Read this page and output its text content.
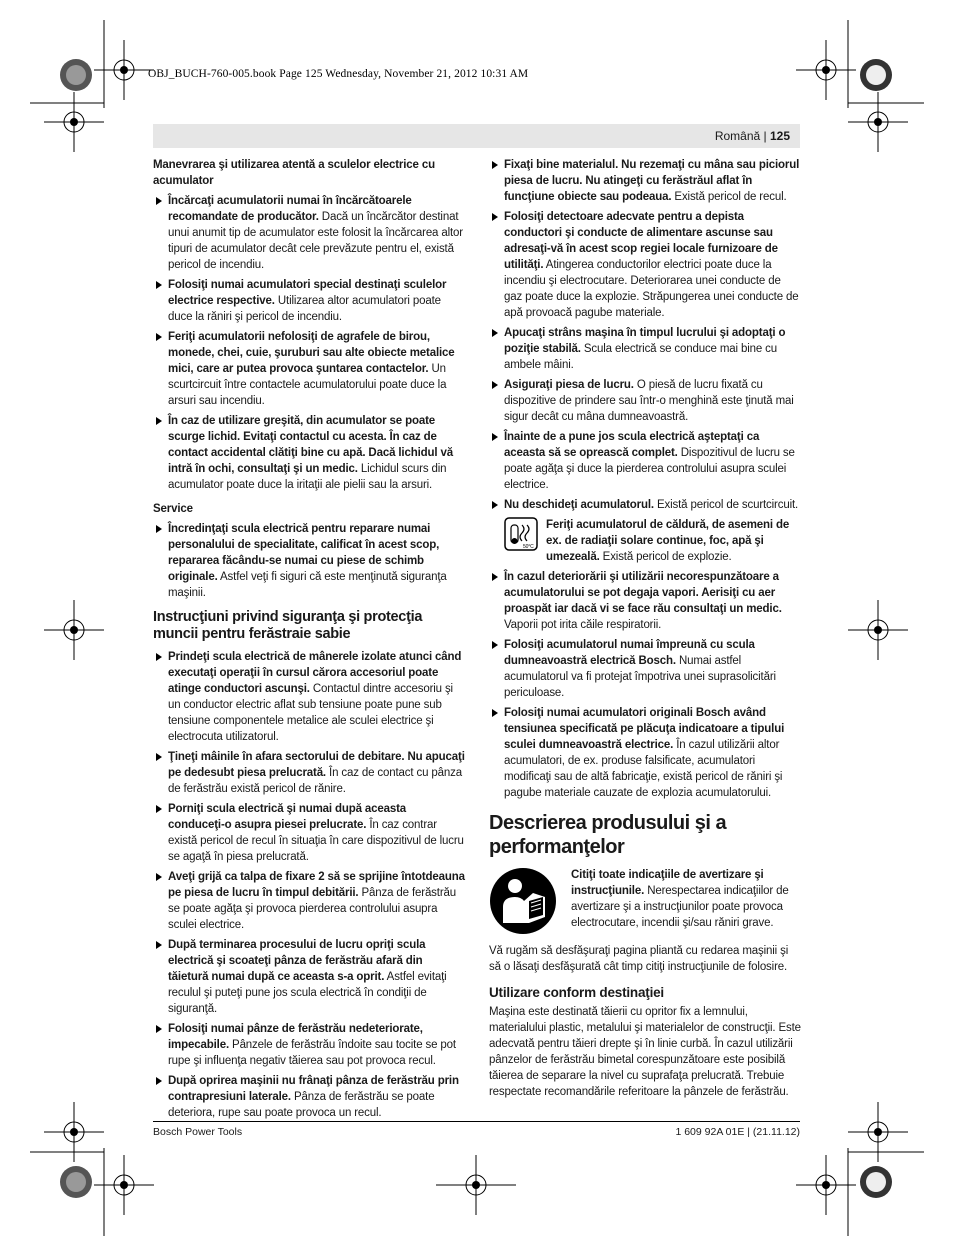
OBJ_BUCH-760-005.book Page 125 Wednesday, November 21, 2012 10:31 AM
Română | 125
Manevrarea şi utilizarea atentă a sculelor electrice cu acumulator
Încărcaţi acumulatorii numai în încărcătoarele recomandate de producător. Dacă un încărcător destinat unui anumit tip de acumulator este folosit la încărcarea altor tipuri de acumulator decât cele prevăzute pentru el, există pericol de incendiu.
Folosiţi numai acumulatori special destinaţi sculelor electrice respective. Utilizarea altor acumulatori poate duce la răniri şi pericol de incendiu.
Feriţi acumulatorii nefolosiţi de agrafele de birou, monede, chei, cuie, şuruburi sau alte obiecte metalice mici, care ar putea provoca şuntarea contactelor. Un scurtcircuit între contactele acumulatorului poate duce la arsuri sau incendiu.
În caz de utilizare greşită, din acumulator se poate scurge lichid. Evitaţi contactul cu acesta. În caz de contact accidental clătiţi bine cu apă. Dacă lichidul vă intră în ochi, consultaţi şi un medic. Lichidul scurs din acumulator poate duce la iritaţii ale pielii sau la arsuri.
Service
Încredinţaţi scula electrică pentru reparare numai personalului de specialitate, calificat în acest scop, repararea făcându-se numai cu piese de schimb originale. Astfel veţi fi siguri că este menţinută siguranţa maşinii.
Instrucţiuni privind siguranţa şi protecţia muncii pentru ferăstraie sabie
Prindeţi scula electrică de mânerele izolate atunci când executaţi operaţii în cursul cărora accesoriul poate atinge conductori ascunşi. Contactul dintre accesoriu şi un conductor electric aflat sub tensiune poate pune sub tensiune componentele metalice ale sculei electrice şi electrocuta utilizatorul.
Ţineţi mâinile în afara sectorului de debitare. Nu apucaţi pe dedesubt piesa prelucrată. În caz de contact cu pânza de ferăstrău există pericol de rănire.
Porniţi scula electrică şi numai după aceasta conduceţi-o asupra piesei prelucrate. În caz contrar există pericol de recul în situaţia în care dispozitivul de lucru se agaţă în piesa prelucrată.
Aveţi grijă ca talpa de fixare 2 să se sprijine întotdeauna pe piesa de lucru în timpul debitării. Pânza de ferăstrău se poate agăţa şi provoca pierderea controlului asupra sculei electrice.
După terminarea procesului de lucru opriţi scula electrică şi scoateţi pânza de ferăstrău afară din tăietură numai după ce aceasta s-a oprit. Astfel evitaţi reculul şi puteţi pune jos scula electrică în condiţii de siguranţă.
Folosiţi numai pânze de ferăstrău nedeteriorate, impecabile. Pânzele de ferăstrău îndoite sau tocite se pot rupe şi influenţa negativ tăierea sau pot provoca recul.
După oprirea maşinii nu frânaţi pânza de ferăstrău prin contrapresiuni laterale. Pânza de ferăstrău se poate deteriora, rupe sau poate provoca un recul.
Fixaţi bine materialul. Nu rezemaţi cu mâna sau piciorul piesa de lucru. Nu atingeţi cu ferăstrăul aflat în funcţiune obiecte sau podeaua. Există pericol de recul.
Folosiţi detectoare adecvate pentru a depista conductori şi conducte de alimentare ascunse sau adresaţi-vă în acest scop regiei locale furnizoare de utilităţi. Atingerea conductorilor electrici poate duce la incendiu şi electrocutare. Deteriorarea unei conducte de gaz poate duce la explozie. Străpungerea unei conducte de apă provoacă pagube materiale.
Apucaţi strâns maşina în timpul lucrului şi adoptaţi o poziţie stabilă. Scula electrică se conduce mai bine cu ambele mâini.
Asiguraţi piesa de lucru. O piesă de lucru fixată cu dispozitive de prindere sau într-o menghină este ţinută mai sigur decât cu mâna dumneavoastră.
Înainte de a pune jos scula electrică aşteptaţi ca aceasta să se oprească complet. Dispozitivul de lucru se poate agăţa şi duce la pierderea controlului asupra sculei electrice.
Nu deschideţi acumulatorul. Există pericol de scurtcircuit.
50°C
Feriţi acumulatorul de căldură, de asemeni de ex. de radiaţii solare continue, foc, apă şi umezeală. Există pericol de explozie.
În cazul deteriorării şi utilizării necorespunzătoare a acumulatorului se pot degaja vapori. Aerisiţi cu aer proaspăt iar dacă vi se face rău consultaţi un medic. Vaporii pot irita căile respiratorii.
Folosiţi acumulatorul numai împreună cu scula dumneavoastră electrică Bosch. Numai astfel acumulatorul va fi protejat împotriva unei suprasolicitări periculoase.
Folosiţi numai acumulatori originali Bosch având tensiunea specificată pe plăcuţa indicatoare a tipului sculei dumneavoastră electrice. În cazul utilizării altor acumulatori, de ex. produse falsificate, acumulatori modificaţi sau de altă fabricaţie, există pericol de răniri şi pagube materiale cauzate de explozia acumulatorului.
Descrierea produsului şi a performanţelor
Citiţi toate indicaţiile de avertizare şi instrucţiunile. Nerespectarea indicaţiilor de avertizare şi a instrucţiunilor poate provoca electrocutare, incendii şi/sau răniri grave.
Vă rugăm să desfăşuraţi pagina pliantă cu redarea maşinii şi să o lăsaţi desfăşurată cât timp citiţi instrucţiunile de folosire.
Utilizare conform destinaţiei
Maşina este destinată tăierii cu opritor fix a lemnului, materialului plastic, metalului şi materialelor de construcţii. Este adecvată pentru tăieri drepte şi în linie curbă. În cazul utilizării pânzelor de ferăstrău bimetal corespunzătoare este posibilă tăierea de separare la nivel cu suprafaţa prelucrată. Trebuie respectate recomandările referitoare la pânzele de ferăstrău.
Bosch Power Tools	1 609 92A 01E | (21.11.12)
